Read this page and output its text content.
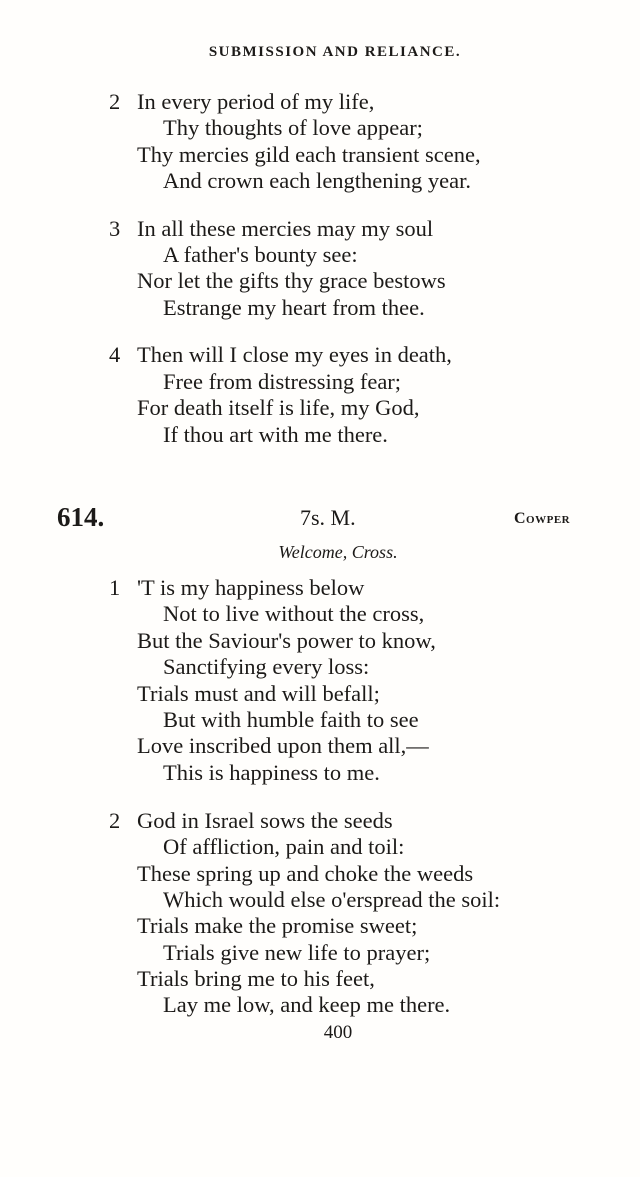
SUBMISSION AND RELIANCE.
2 In every period of my life,
Thy thoughts of love appear;
Thy mercies gild each transient scene,
And crown each lengthening year.
3 In all these mercies may my soul
A father's bounty see:
Nor let the gifts thy grace bestows
Estrange my heart from thee.
4 Then will I close my eyes in death,
Free from distressing fear;
For death itself is life, my God,
If thou art with me there.
614.	7s. M.	Cowper
Welcome, Cross.
1 'T is my happiness below
Not to live without the cross,
But the Saviour's power to know,
Sanctifying every loss:
Trials must and will befall;
But with humble faith to see
Love inscribed upon them all,—
This is happiness to me.
2 God in Israel sows the seeds
Of affliction, pain and toil:
These spring up and choke the weeds
Which would else o'erspread the soil:
Trials make the promise sweet;
Trials give new life to prayer;
Trials bring me to his feet,
Lay me low, and keep me there.
400
